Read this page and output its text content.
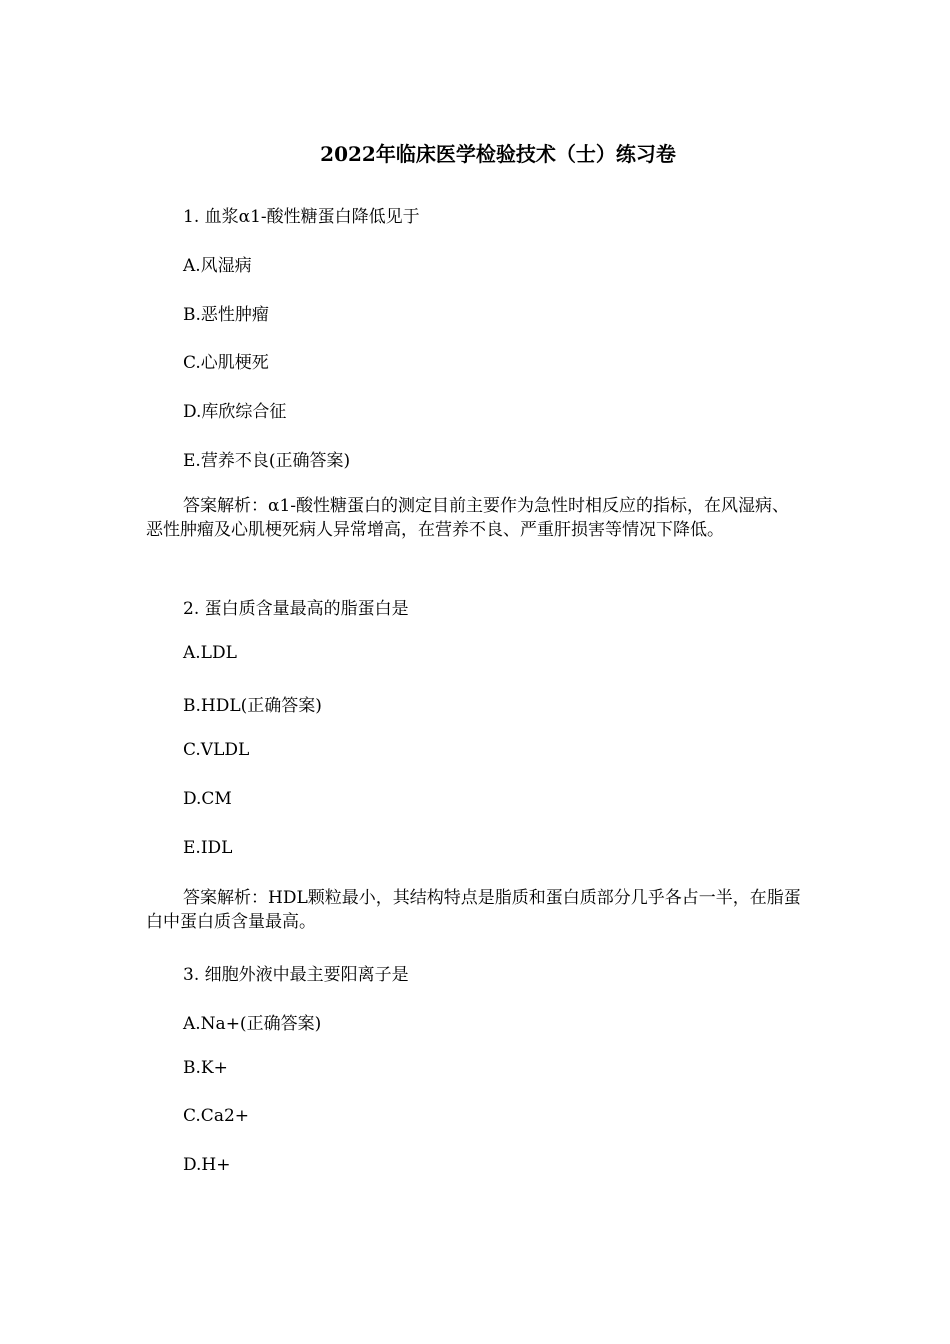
2022年临床医学检验技术（士）练习卷
1. 血浆α1-酸性糖蛋白降低见于
A.风湿病
B.恶性肿瘤
C.心肌梗死
D.库欣综合征
E.营养不良(正确答案)
答案解析：α1-酸性糖蛋白的测定目前主要作为急性时相反应的指标，在风湿病、恶性肿瘤及心肌梗死病人异常增高，在营养不良、严重肝损害等情况下降低。
2. 蛋白质含量最高的脂蛋白是
A.LDL
B.HDL(正确答案)
C.VLDL
D.CM
E.IDL
答案解析：HDL颗粒最小，其结构特点是脂质和蛋白质部分几乎各占一半，在脂蛋白中蛋白质含量最高。
3. 细胞外液中最主要阳离子是
A.Na+(正确答案)
B.K+
C.Ca2+
D.H+
